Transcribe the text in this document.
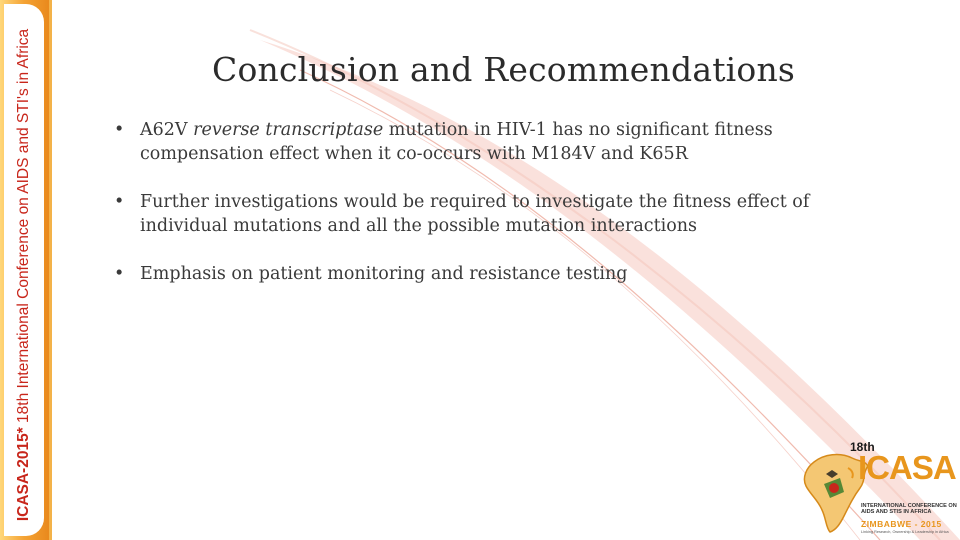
ICASA-2015* 18th International Conference on AIDS and STI's in Africa	Conclusion and Recommendations
• A62V reverse transcriptase mutation in HIV-1 has no significant fitness compensation effect when it co-occurs with M184V and K65R
• Further investigations would be required to investigate the fitness effect of individual mutations and all the possible mutation interactions
• Emphasis on patient monitoring and resistance testing
18th
ICASA
INTERNATIONAL CONFERENCE ON AIDS AND STIS IN AFRICA
ZIMBABWE - 2015
Linking Research, Ownership & Leadership in Africa
